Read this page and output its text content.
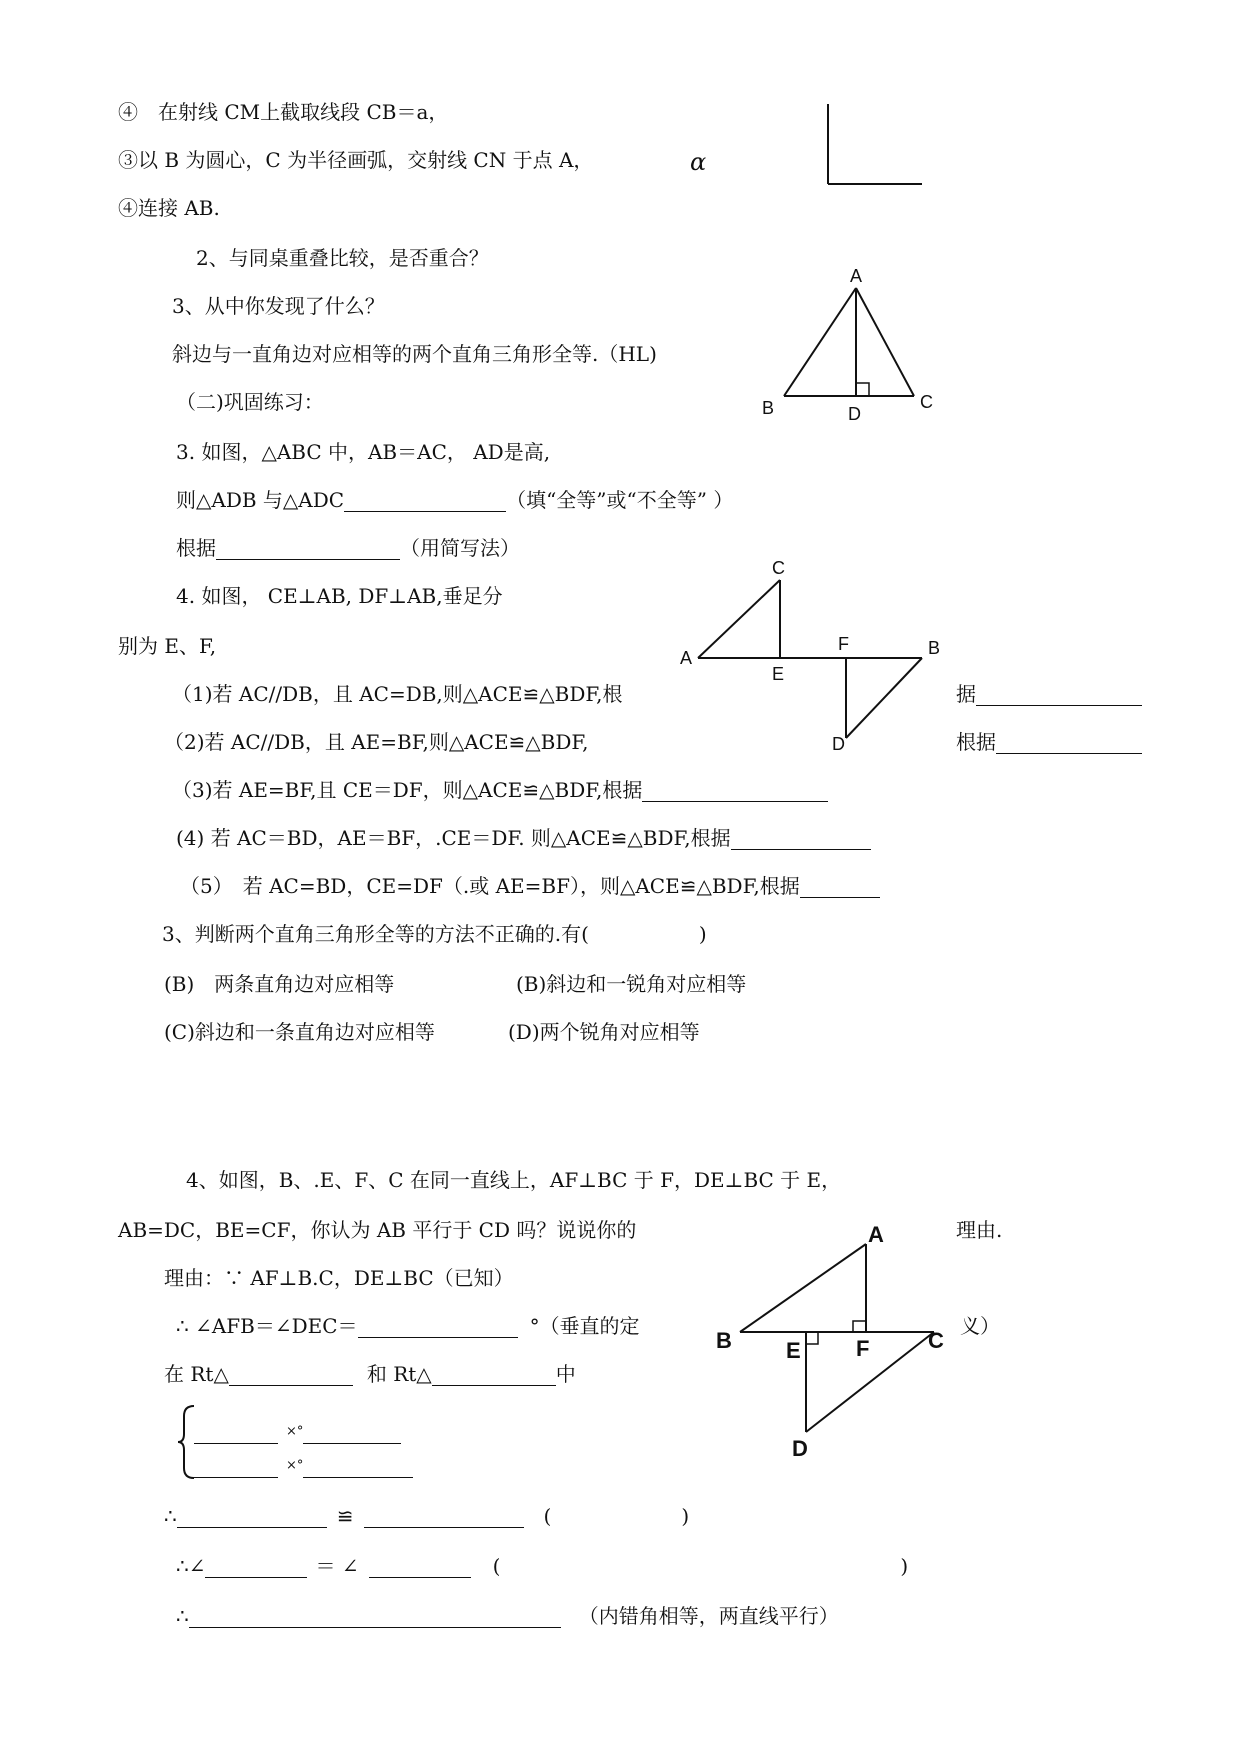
④　在射线 CM上截取线段 CB＝a，
③以 B 为圆心，C 为半径画弧，交射线 CN 于点 A，
④连接 AB.
2、与同桌重叠比较，是否重合？
3、从中你发现了什么？
斜边与一直角边对应相等的两个直角三角形全等.（HL)
（二)巩固练习：
3. 如图，△ABC 中，AB＝AC， AD是高,
则△ADB 与△ADC	（填“全等”或“不全等” ）
根据	（用简写法）
4. 如图， CE⊥AB, DF⊥AB,垂足分
别为 E、F,
（1)若 AC//DB，且 AC=DB,则△ACE≌△BDF,根	据
（2)若 AC//DB，且 AE=BF,则△ACE≌△BDF,	根据
（3)若 AE=BF,且 CE＝DF，则△ACE≌△BDF,根据
(4) 若 AC＝BD，AE＝BF，.CE＝DF. 则△ACE≌△BDF,根据
（5）　若 AC=BD，CE=DF（.或 AE=BF），则△ACE≌△BDF,根据
3、判断两个直角三角形全等的方法不正确的.有(	)
(B)　两条直角边对应相等	(B)斜边和一锐角对应相等
(C)斜边和一条直角边对应相等	(D)两个锐角对应相等
4、如图，B、.E、F、C 在同一直线上，AF⊥BC 于 F，DE⊥BC 于 E，
AB=DC，BE=CF，你认为 AB 平行于 CD 吗？说说你的	理由.
理由：∵ AF⊥B.C，DE⊥BC（已知）
∴ ∠AFB＝∠DEC＝	°（垂直的定	义）
在 Rt△	和 Rt△	中
×°
×°
∴	≌	(	)
∴∠	＝ ∠	(	)
∴	（内错角相等，两直线平行）
α
A
B	C
D
C
A
E
F	B
D
A
B E	F	C
D
